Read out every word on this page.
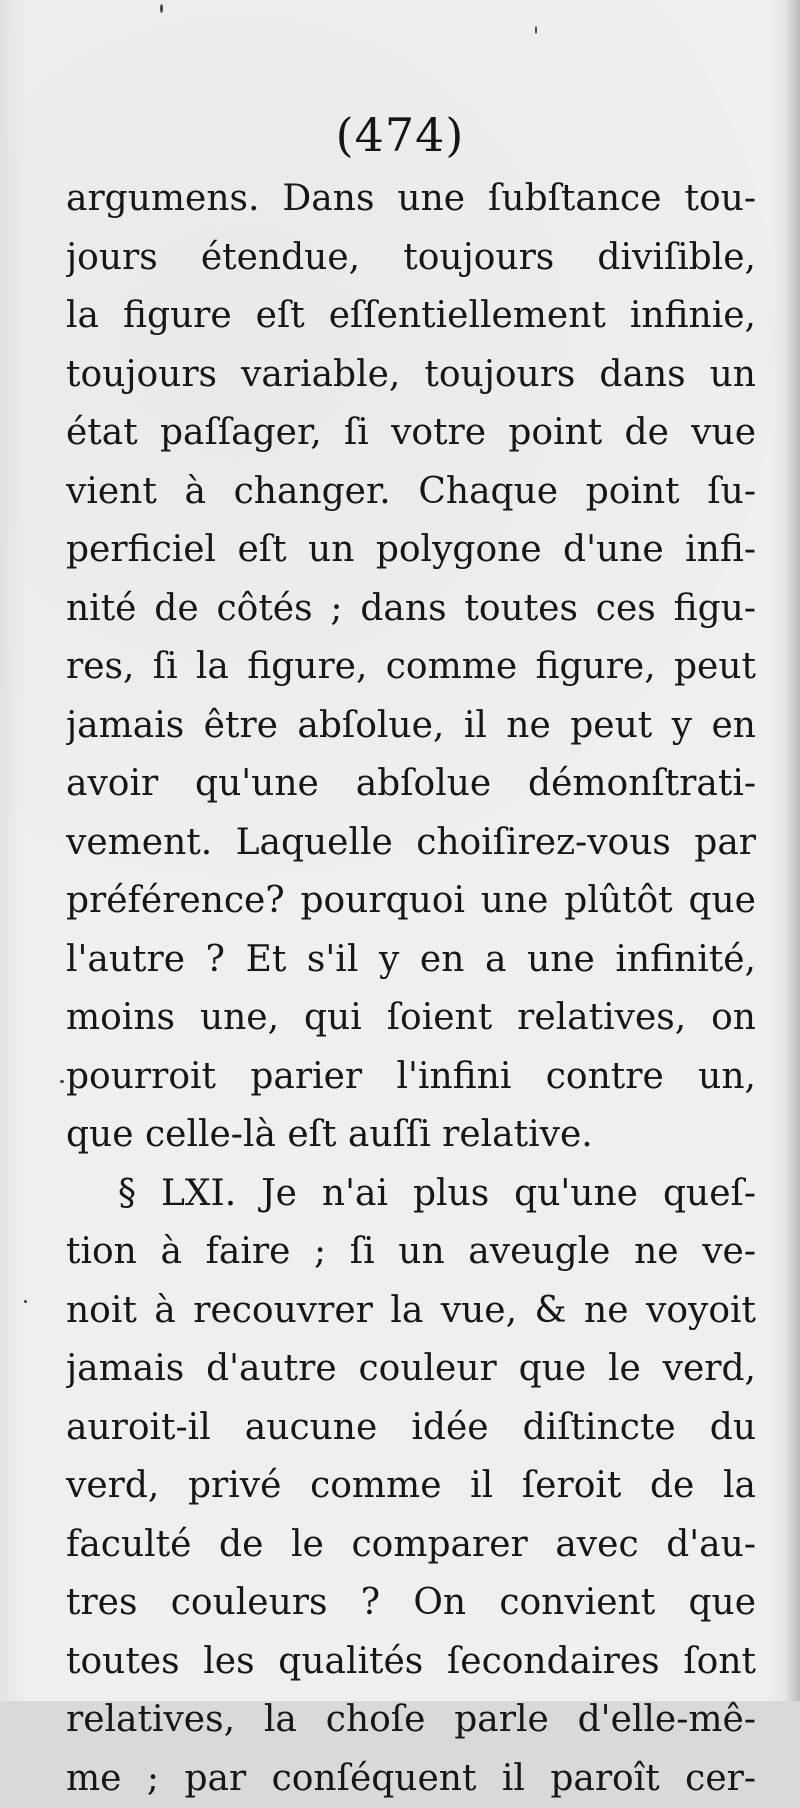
(474)
argumens. Dans une ſubſtance tou-
jours étendue, toujours diviſible,
la figure eſt eſſentiellement infinie,
toujours variable, toujours dans un
état paſſager, ſi votre point de vue
vient à changer. Chaque point ſu-
perficiel eſt un polygone d'une infi-
nité de côtés ; dans toutes ces figu-
res, ſi la figure, comme figure, peut
jamais être abſolue, il ne peut y en
avoir qu'une abſolue démonſtrati-
vement. Laquelle choiſirez-vous par
préférence? pourquoi une plûtôt que
l'autre ? Et s'il y en a une infinité,
moins une, qui ſoient relatives, on
pourroit parier l'infini contre un,
que celle-là eſt auſſi relative.
§ LXI. Je n'ai plus qu'une queſ-
tion à faire ; ſi un aveugle ne ve-
noit à recouvrer la vue, & ne voyoit
jamais d'autre couleur que le verd,
auroit-il aucune idée diſtincte du
verd, privé comme il ſeroit de la
faculté de le comparer avec d'au-
tres couleurs ? On convient que
toutes les qualités ſecondaires ſont
relatives, la choſe parle d'elle-mê-
me ; par conſéquent il paroît cer-
